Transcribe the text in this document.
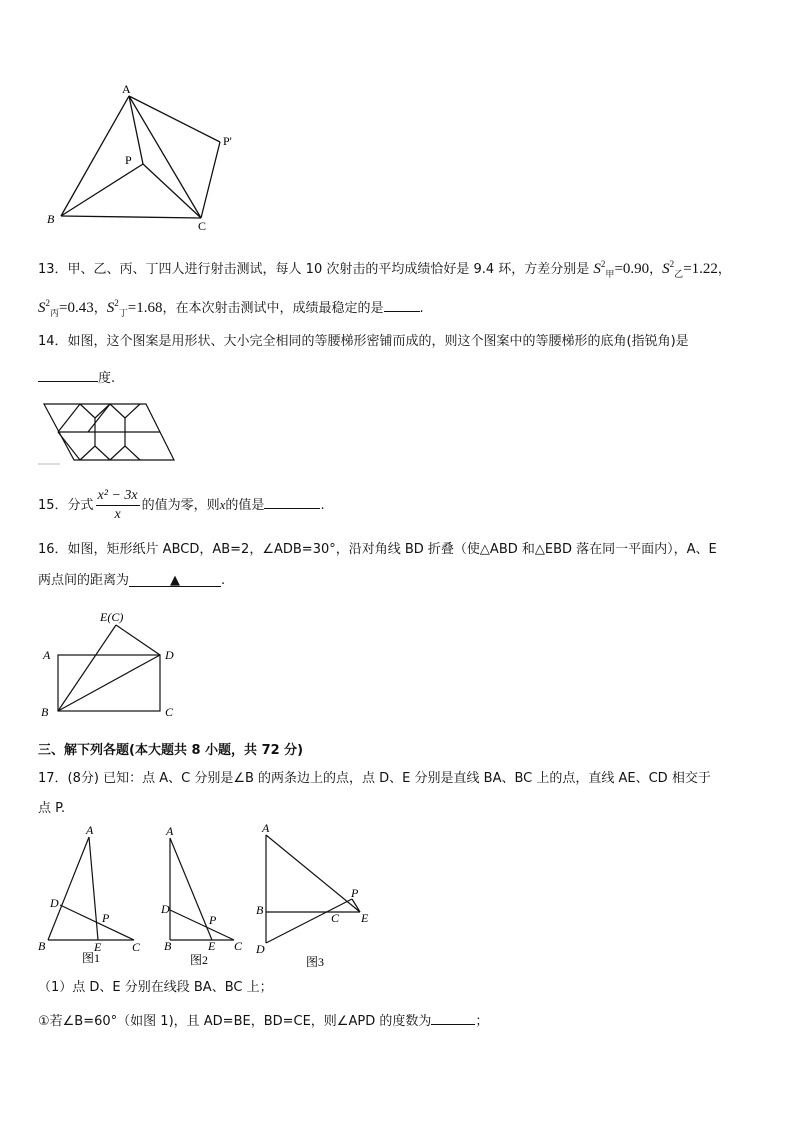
A
P
P'
B	C
13．甲、乙、丙、丁四人进行射击测试，每人 10 次射击的平均成绩恰好是 9.4 环，方差分别是 $S^2_甲=0.90$，$S^2_乙=1.22$，
$S^2_丙=0.43$，$S^2_丁=1.68$，在本次射击测试中，成绩最稳定的是	.
14．如图，这个图案是用形状、大小完全相同的等腰梯形密铺而成的，则这个图案中的等腰梯形的底角(指锐角)是
度.
15．分式 $\frac{\text{x² − 3x}}{x}$ 的值为零，则x的值是	.
16．如图，矩形纸片 ABCD，AB=2，∠ADB=30°，沿对角线 BD 折叠（使△ABD 和△EBD 落在同一平面内），A、E
两点间的距离为	▲	.
E(C)
A	D
B	C
三、解下列各题(本大题共 8 小题，共 72 分)
17．(8分) 已知：点 A、C 分别是∠B 的两条边上的点，点 D、E 分别是直线 BA、BC 上的点，直线 AE、CD 相交于
点 P.
A
D
P
B	E	C
图1
A
D
P
B	E C
图2
A
B
P
C E
D
图3
（1）点 D、E 分别在线段 BA、BC 上；
①若∠B=60°（如图 1)，且 AD=BE，BD=CE，则∠APD 的度数为	；
